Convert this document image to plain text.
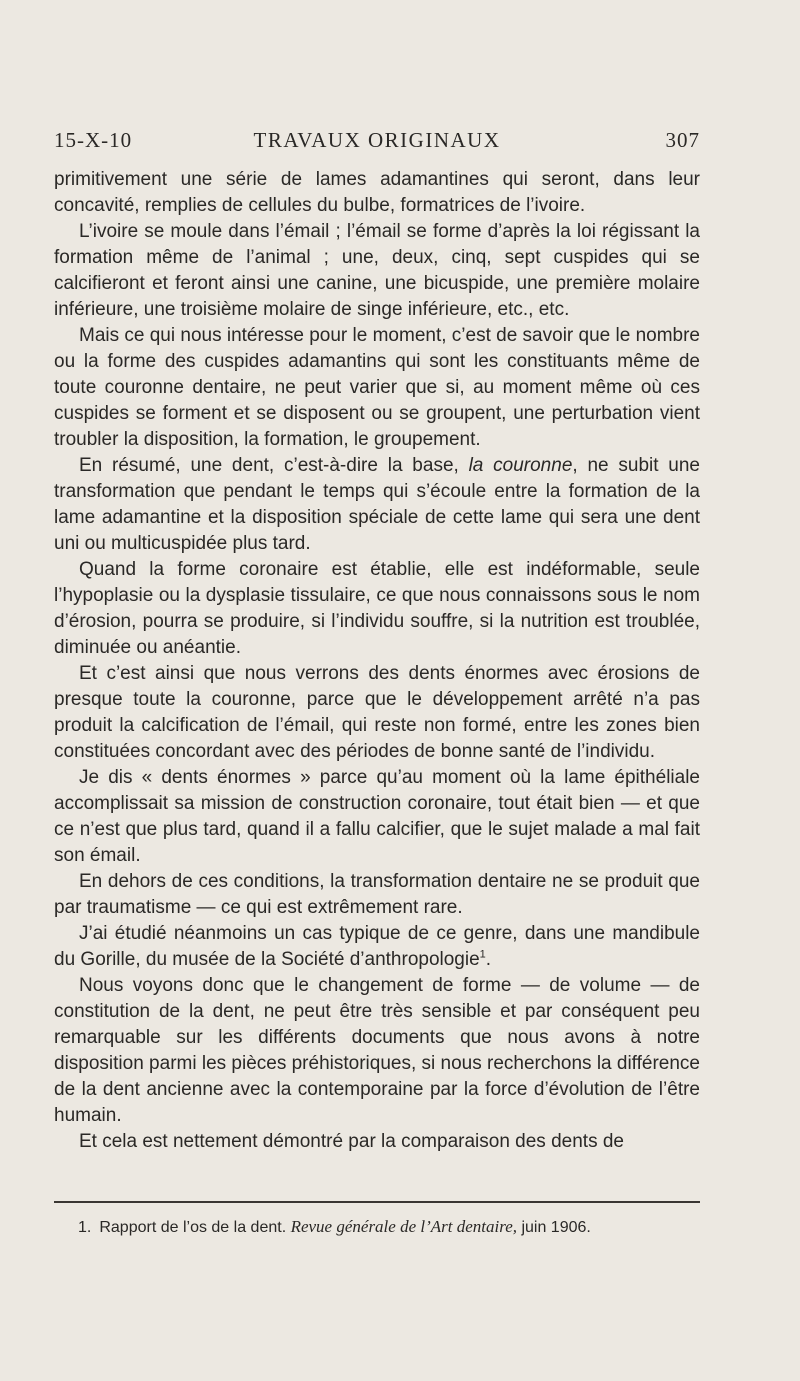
15-X-10	TRAVAUX ORIGINAUX	307

primitivement une série de lames adamantines qui seront, dans leur concavité, remplies de cellules du bulbe, formatrices de l’ivoire.

L’ivoire se moule dans l’émail ; l’émail se forme d’après la loi régissant la formation même de l’animal ; une, deux, cinq, sept cuspides qui se calcifieront et feront ainsi une canine, une bicuspide, une première molaire inférieure, une troisième molaire de singe inférieure, etc., etc.

Mais ce qui nous intéresse pour le moment, c’est de savoir que le nombre ou la forme des cuspides adamantins qui sont les constituants même de toute couronne dentaire, ne peut varier que si, au moment même où ces cuspides se forment et se disposent ou se groupent, une perturbation vient troubler la disposition, la formation, le groupement.

En résumé, une dent, c’est-à-dire la base, la couronne, ne subit une transformation que pendant le temps qui s’écoule entre la formation de la lame adamantine et la disposition spéciale de cette lame qui sera une dent uni ou multicuspidée plus tard.

Quand la forme coronaire est établie, elle est indéformable, seule l’hypoplasie ou la dysplasie tissulaire, ce que nous connaissons sous le nom d’érosion, pourra se produire, si l’individu souffre, si la nutrition est troublée, diminuée ou anéantie.

Et c’est ainsi que nous verrons des dents énormes avec érosions de presque toute la couronne, parce que le développement arrêté n’a pas produit la calcification de l’émail, qui reste non formé, entre les zones bien constituées concordant avec des périodes de bonne santé de l’individu.

Je dis « dents énormes » parce qu’au moment où la lame épithéliale accomplissait sa mission de construction coronaire, tout était bien — et que ce n’est que plus tard, quand il a fallu calcifier, que le sujet malade a mal fait son émail.

En dehors de ces conditions, la transformation dentaire ne se produit que par traumatisme — ce qui est extrêmement rare.

J’ai étudié néanmoins un cas typique de ce genre, dans une mandibule du Gorille, du musée de la Société d’anthropologie$^1$.

Nous voyons donc que le changement de forme — de volume — de constitution de la dent, ne peut être très sensible et par conséquent peu remarquable sur les différents documents que nous avons à notre disposition parmi les pièces préhistoriques, si nous recherchons la différence de la dent ancienne avec la contemporaine par la force d’évolution de l’être humain.

Et cela est nettement démontré par la comparaison des dents de

1. Rapport de l’os de la dent. Revue générale de l’Art dentaire, juin 1906.
